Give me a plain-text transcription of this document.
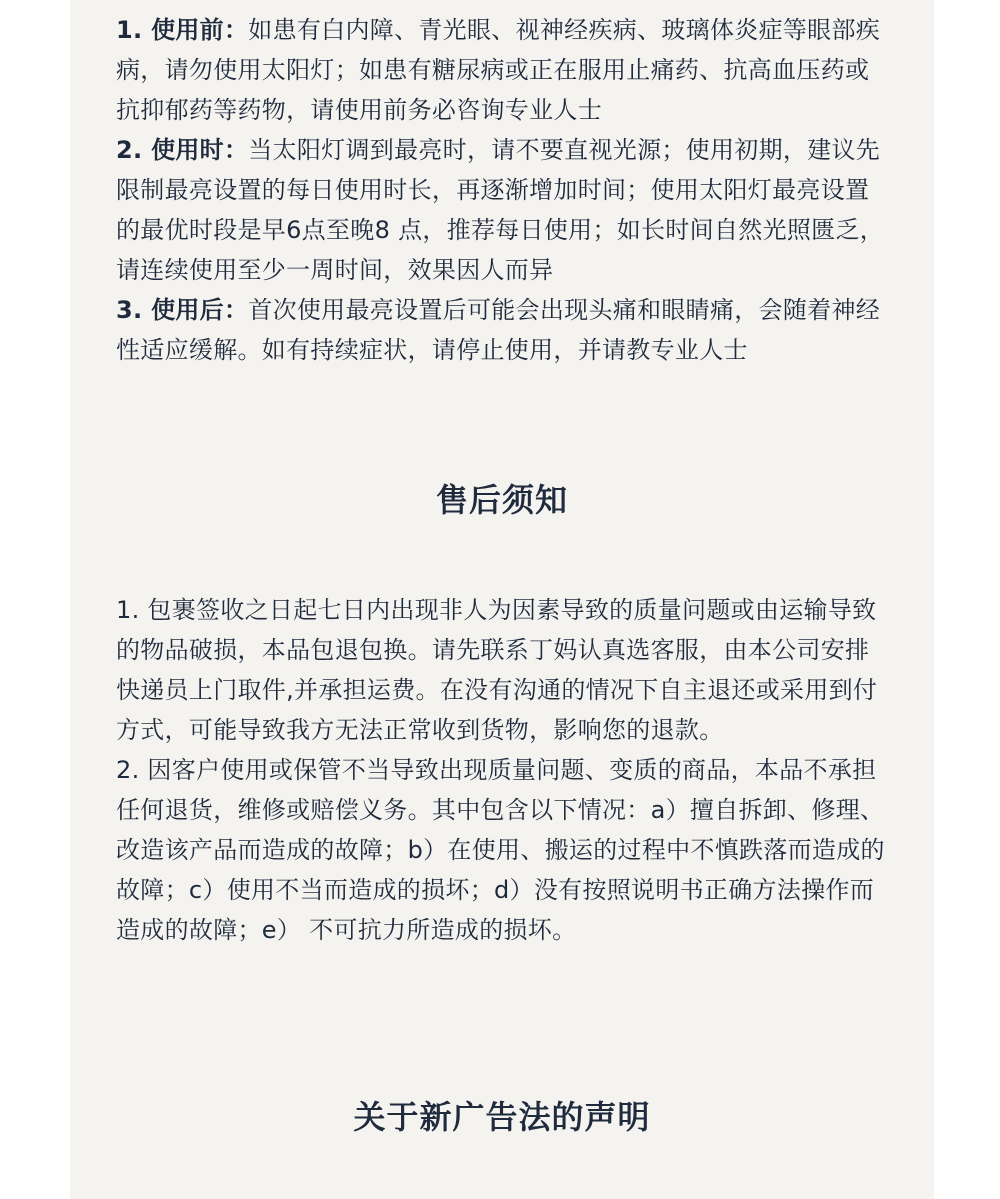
1. 使用前：如患有白内障、青光眼、视神经疾病、玻璃体炎症等眼部疾病，请勿使用太阳灯；如患有糖尿病或正在服用止痛药、抗高血压药或抗抑郁药等药物，请使用前务必咨询专业人士

2. 使用时：当太阳灯调到最亮时，请不要直视光源；使用初期，建议先限制最亮设置的每日使用时长，再逐渐增加时间；使用太阳灯最亮设置的最优时段是早6点至晚8 点，推荐每日使用；如长时间自然光照匮乏，请连续使用至少一周时间，效果因人而异

3. 使用后：首次使用最亮设置后可能会出现头痛和眼睛痛，会随着神经性适应缓解。如有持续症状，请停止使用，并请教专业人士

售后须知

1. 包裹签收之日起七日内出现非人为因素导致的质量问题或由运输导致的物品破损，本品包退包换。请先联系丁妈认真选客服，由本公司安排快递员上门取件,并承担运费。在没有沟通的情况下自主退还或采用到付方式，可能导致我方无法正常收到货物，影响您的退款。

2. 因客户使用或保管不当导致出现质量问题、变质的商品，本品不承担任何退货，维修或赔偿义务。其中包含以下情况：a）擅自拆卸、修理、改造该产品而造成的故障；b）在使用、搬运的过程中不慎跌落而造成的故障；c）使用不当而造成的损坏；d）没有按照说明书正确方法操作而造成的故障；e） 不可抗力所造成的损坏。

关于新广告法的声明
